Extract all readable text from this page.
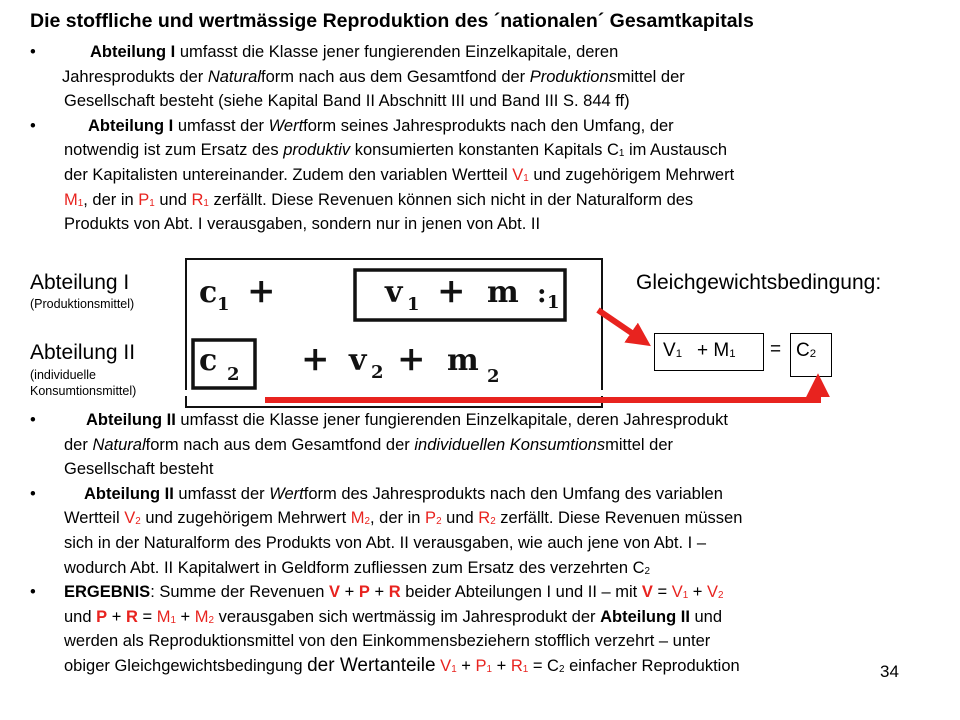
Die stoffliche und wertmässige Reproduktion des ´nationalen´ Gesamtkapitals
•	Abteilung I umfasst die Klasse jener fungierenden Einzelkapitale, deren
Jahresprodukts der Naturalform nach aus dem Gesamtfond der Produktionsmittel der
Gesellschaft besteht (siehe Kapital Band II Abschnitt III und Band III S. 844 ff)
•	Abteilung I umfasst der Wertform seines Jahresprodukts nach den Umfang, der
notwendig ist zum Ersatz des produktiv konsumierten konstanten Kapitals $C_1$ im Austausch
der Kapitalisten untereinander. Zudem den variablen Wertteil $V_1$ und zugehörigem Mehrwert
$M_1$, der in $P_1$ und $R_1$ zerfällt. Diese Revenuen können sich nicht in der Naturalform des
Produkts von Abt. I verausgaben, sondern nur in jenen von Abt. II
Abteilung I
(Produktionsmittel)
Abteilung II
(individuelle
Konsumtionsmittel)
Gleichgewichtsbedingung:
c 1 +	v 1 + m : 1
c 2 + v 2 + m 2
$V_1 + M_1 = C_2$
•	Abteilung II umfasst die Klasse jener fungierenden Einzelkapitale, deren Jahresprodukt
der Naturalform nach aus dem Gesamtfond der individuellen Konsumtionsmittel der
Gesellschaft besteht
•	Abteilung II umfasst der Wertform des Jahresprodukts nach den Umfang des variablen
Wertteil $V_2$ und zugehörigem Mehrwert $M_2$, der in $P_2$ und $R_2$ zerfällt. Diese Revenuen müssen
sich in der Naturalform des Produkts von Abt. II verausgaben, wie auch jene von Abt. I –
wodurch Abt. II Kapitalwert in Geldform zufliessen zum Ersatz des verzehrten $C_2$
• ERGEBNIS: Summe der Revenuen V + P + R beider Abteilungen I und II – mit $V = V_1 + V_2$
und $P + R = M_1 + M_2$ verausgaben sich wertmässig im Jahresprodukt der Abteilung II und
werden als Reproduktionsmittel von den Einkommensbeziehern stofflich verzehrt – unter
obiger Gleichgewichtsbedingung der Wertanteile $V_1 + P_1 + R_1 = C_2$ einfacher Reproduktion	34
